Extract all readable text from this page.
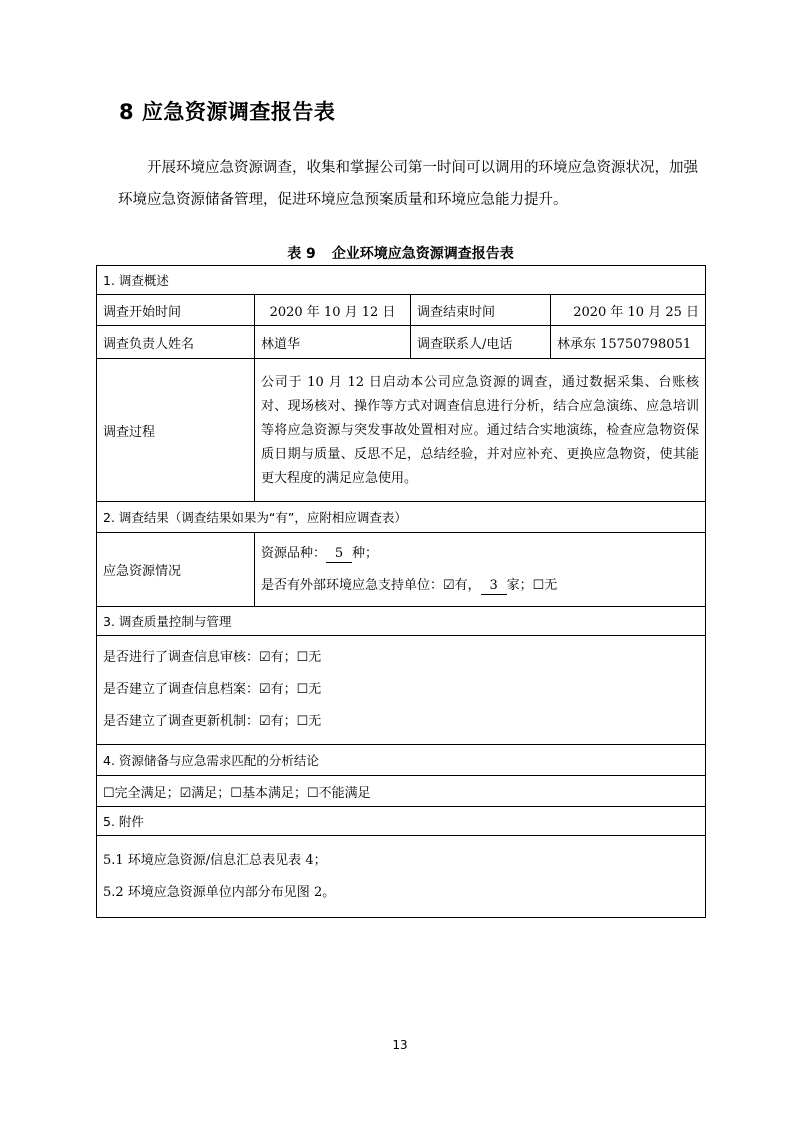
8 应急资源调查报告表
开展环境应急资源调查，收集和掌握公司第一时间可以调用的环境应急资源状况，加强环境应急资源储备管理，促进环境应急预案质量和环境应急能力提升。
表 9 企业环境应急资源调查报告表
1. 调查概述			
调查开始时间	2020 年 10 月 12 日	调查结束时间	2020 年 10 月 25 日
调查负责人姓名	林道华	调查联系人/电话	林承东 15750798051
调查过程	公司于 10 月 12 日启动本公司应急资源的调查，通过数据采集、台账核对、现场核对、操作等方式对调查信息进行分析，结合应急演练、应急培训等将应急资源与突发事故处置相对应。通过结合实地演练，检查应急物资保质日期与质量、反思不足，总结经验，并对应补充、更换应急物资，使其能更大程度的满足应急使用。		
2. 调查结果（调查结果如果为“有”，应附相应调查表）			
应急资源情况	资源品种： 5 种；
是否有外部环境应急支持单位：☑有， 3 家；☐无		

3. 调查质量控制与管理			

是否进行了调查信息审核：☑有；☐无
是否建立了调查信息档案：☑有；☐无
是否建立了调查更新机制：☑有；☐无			

4. 资源储备与应急需求匹配的分析结论			
☐完全满足；☑满足；☐基本满足；☐不能满足			
5. 附件			

5.1 环境应急资源/信息汇总表见表 4；
5.2 环境应急资源单位内部分布见图 2。			
13
